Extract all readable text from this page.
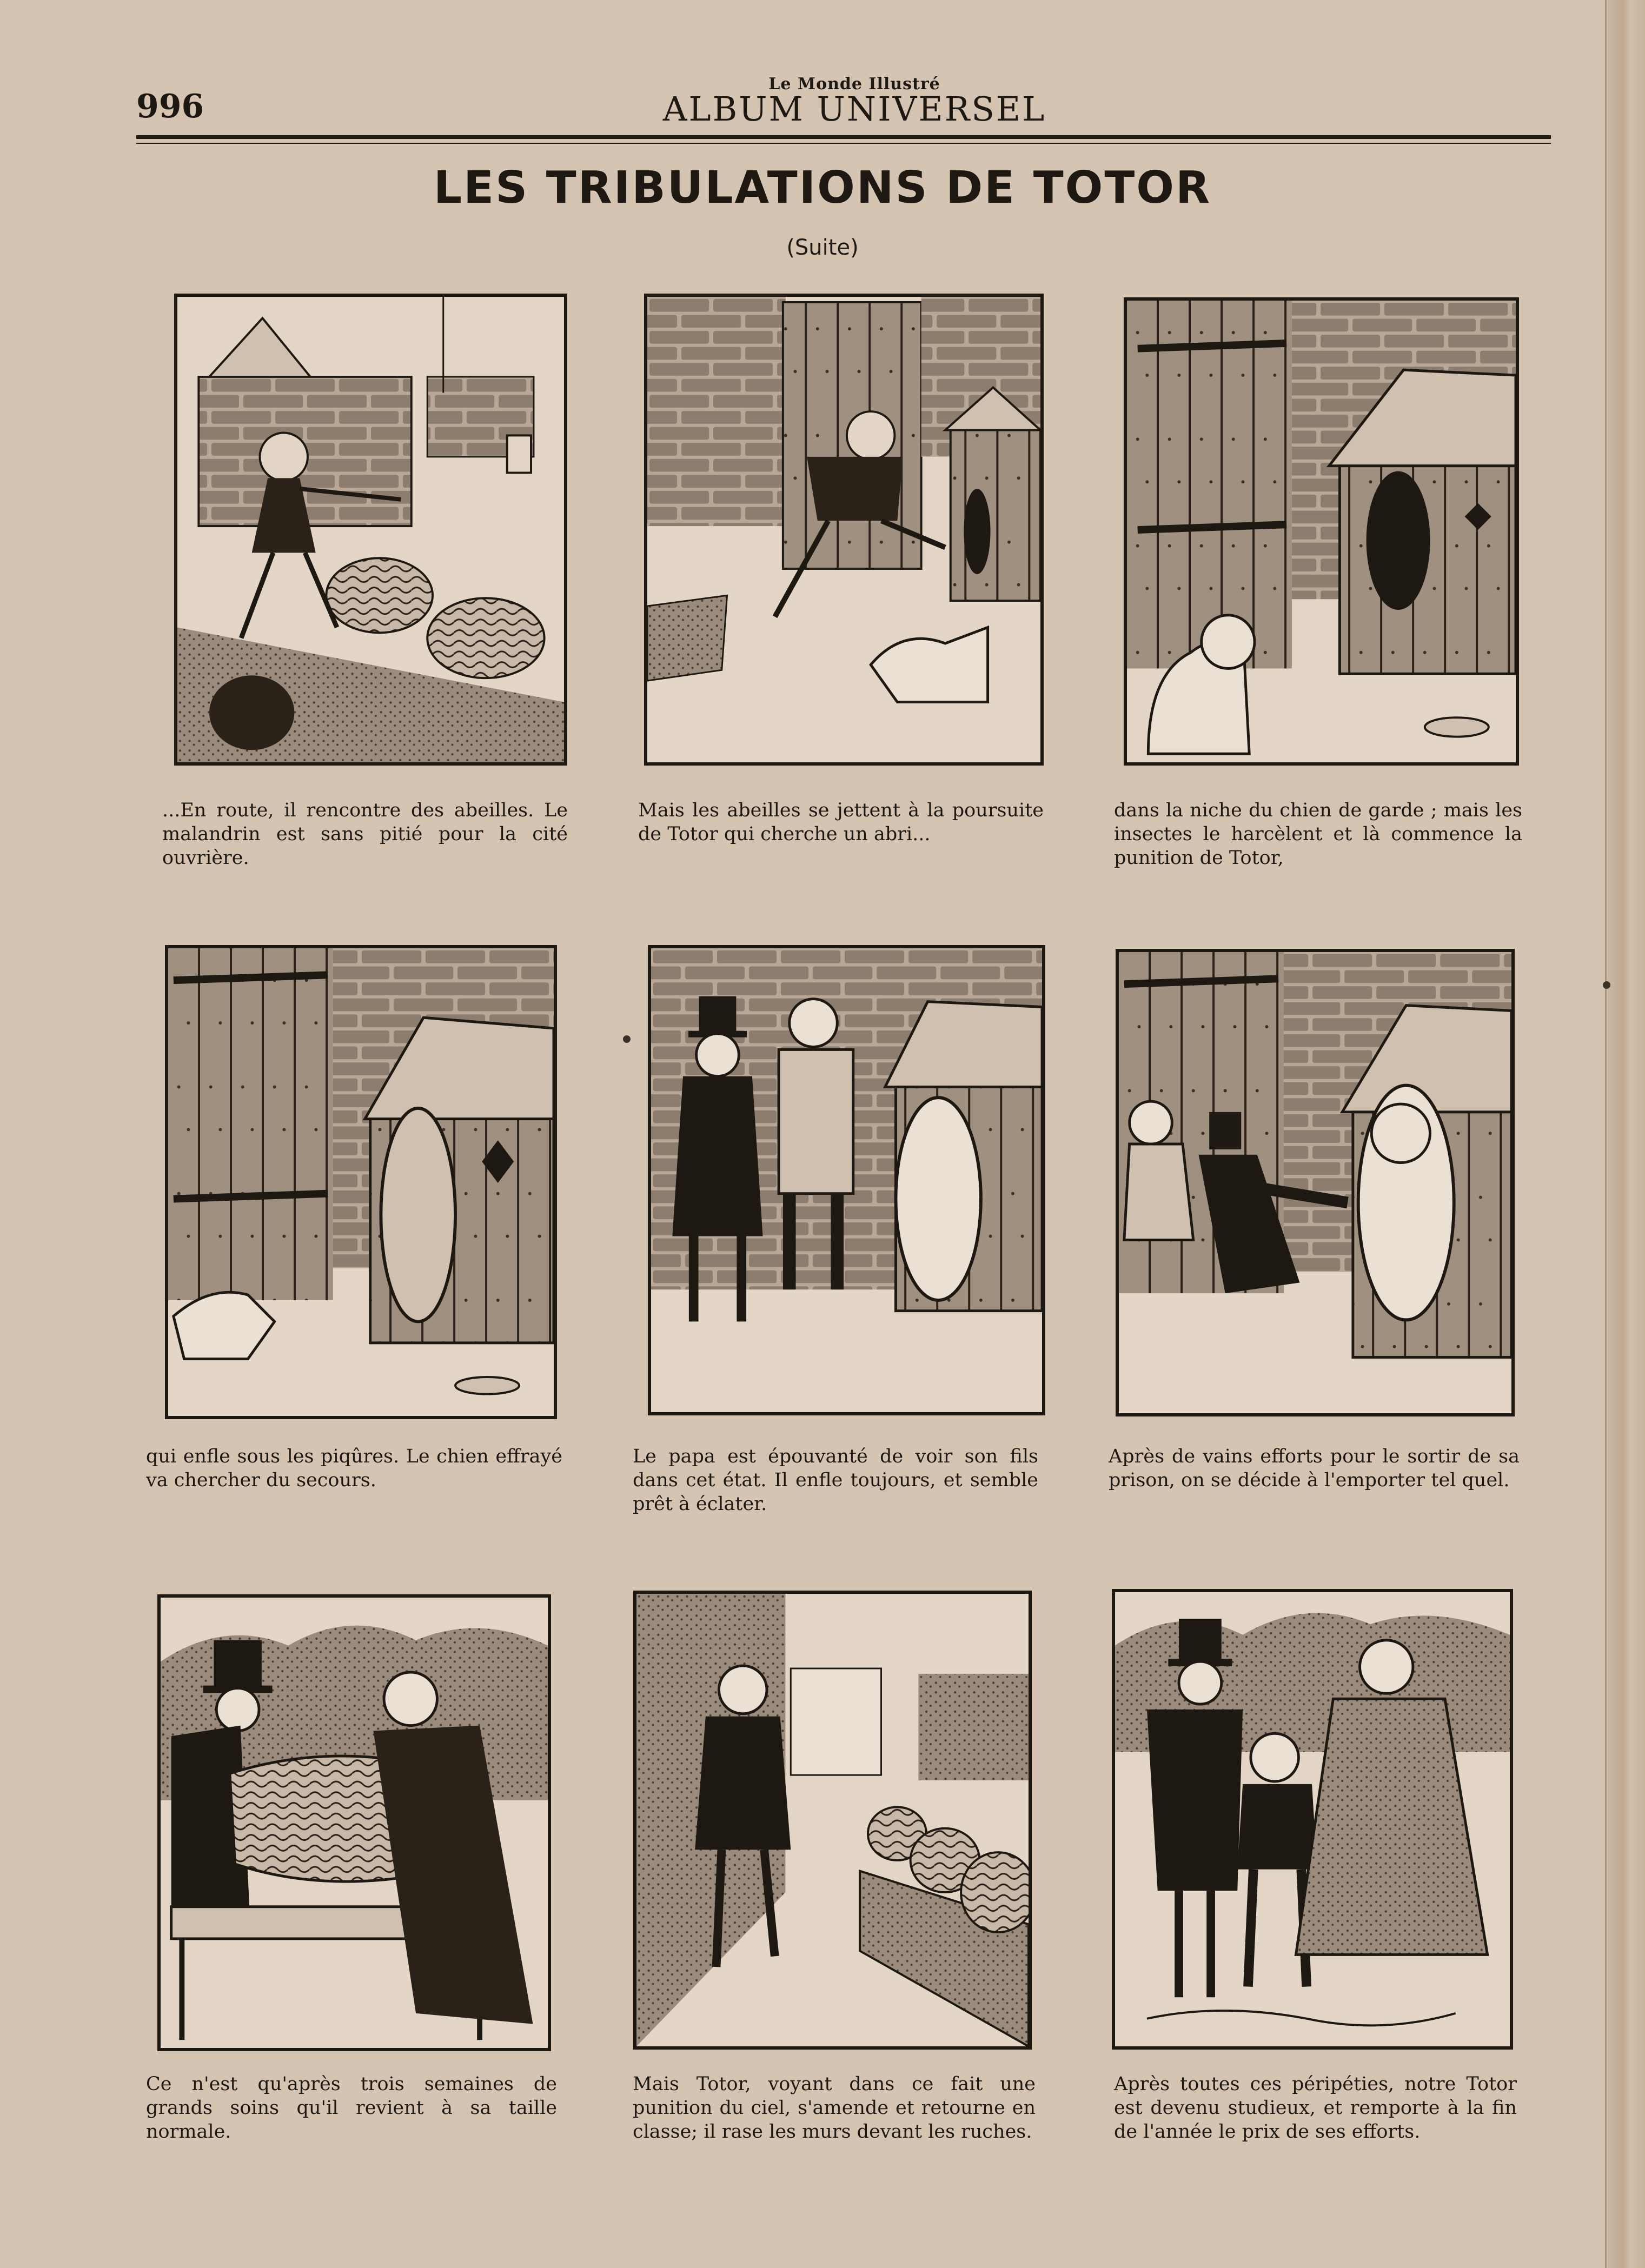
Le Monde Illustré
996	ALBUM UNIVERSEL
LES TRIBULATIONS DE TOTOR
(Suite)
...En route, il rencontre des abeilles. Le malandrin est sans pitié pour la cité ouvrière.
Mais les abeilles se jettent à la poursuite de Totor qui cherche un abri...
dans la niche du chien de garde ; mais les insectes le harcèlent et là commence la punition de Totor,
qui enfle sous les piqûres. Le chien effrayé va chercher du secours.
Le papa est épouvanté de voir son fils dans cet état. Il enfle toujours, et semble prêt à éclater.
Après de vains efforts pour le sortir de sa prison, on se décide à l'emporter tel quel.
Ce n'est qu'après trois semaines de grands soins qu'il revient à sa taille normale.
Mais Totor, voyant dans ce fait une punition du ciel, s'amende et retourne en classe; il rase les murs devant les ruches.
Après toutes ces péripéties, notre Totor est devenu studieux, et remporte à la fin de l'année le prix de ses efforts.
